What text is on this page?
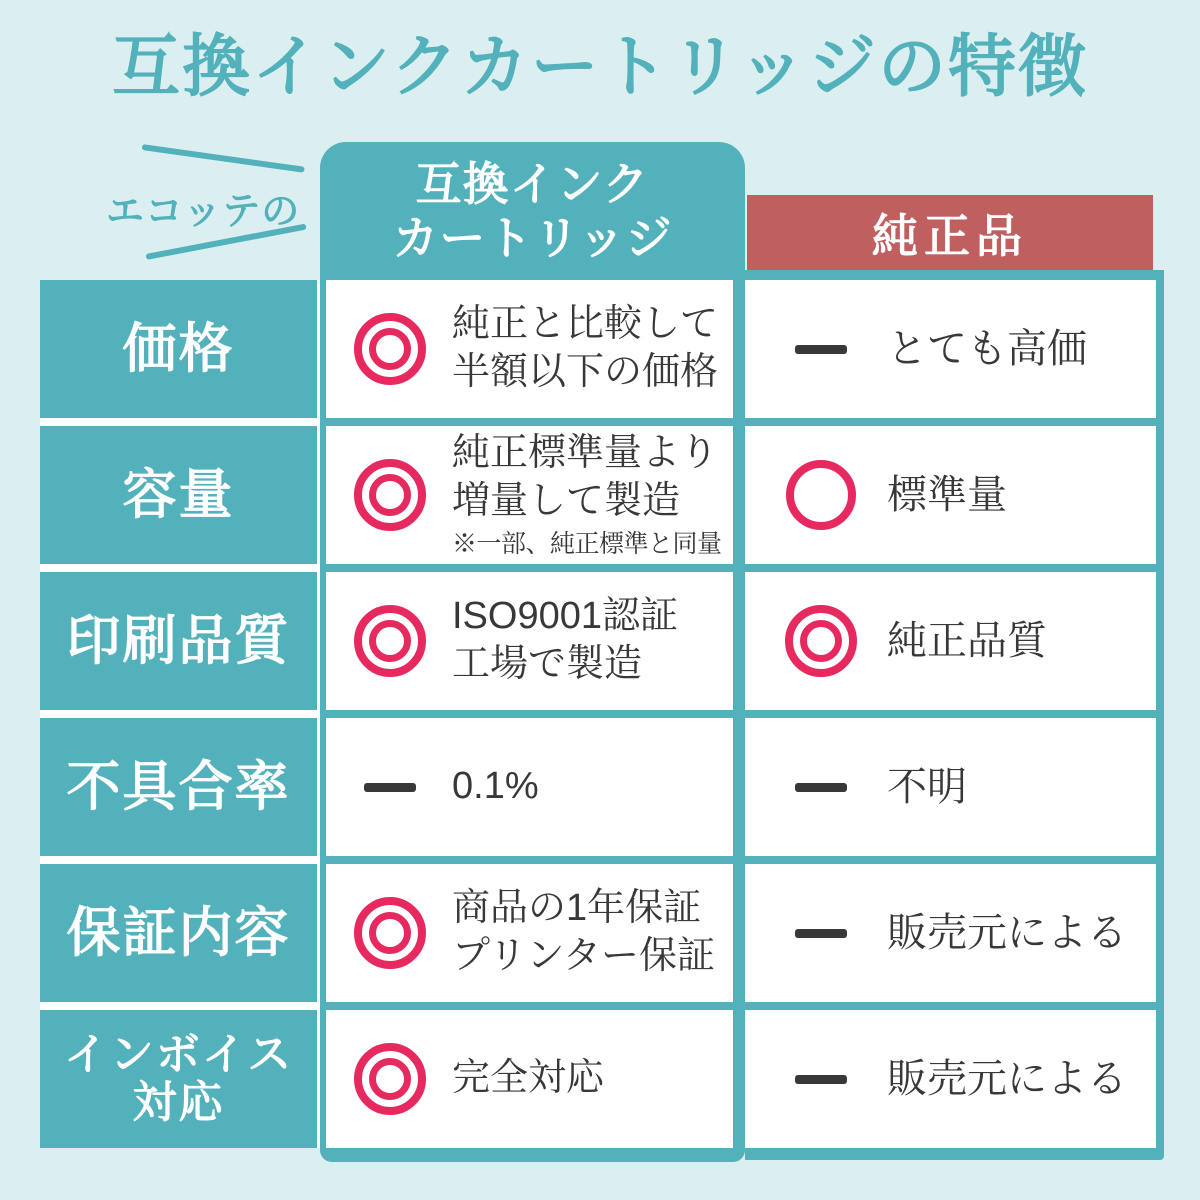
互換インクカートリッジの特徴
エコッテの
価格
容量
印刷品質
不具合率
保証内容
インボイス
対応
互換インク
カートリッジ
純正と比較して
半額以下の価格
純正標準量より
増量して製造
※一部、純正標準と同量
ISO9001認証
工場で製造
0.1%
商品の1年保証
プリンター保証
完全対応
とても高価
標準量
純正品質
不明
販売元による
販売元による
純正品
